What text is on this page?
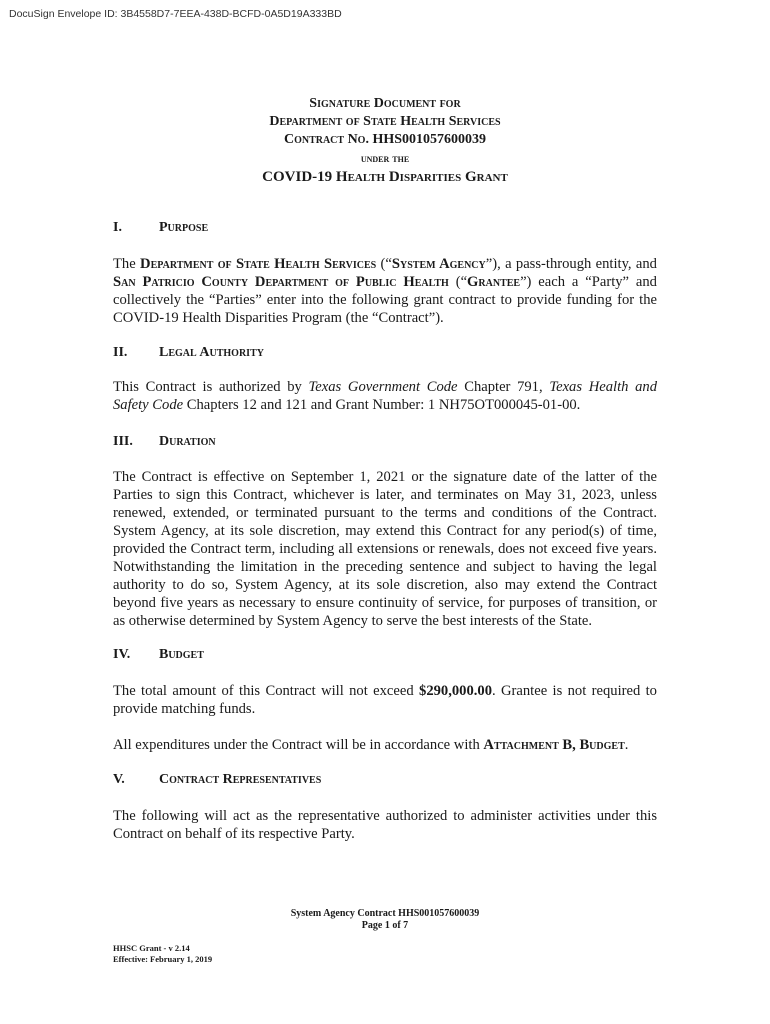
DocuSign Envelope ID: 3B4558D7-7EEA-438D-BCFD-0A5D19A333BD
Signature Document for
Department of State Health Services
Contract No. HHS001057600039
under the
COVID-19 Health Disparities Grant
I.	Purpose

The Department of State Health Services (“System Agency”), a pass-through entity, and San Patricio County Department of Public Health (“Grantee”) each a “Party” and collectively the “Parties” enter into the following grant contract to provide funding for the COVID-19 Health Disparities Program (the “Contract”).

II. Legal Authority

This Contract is authorized by Texas Government Code Chapter 791, Texas Health and Safety Code Chapters 12 and 121 and Grant Number: 1 NH75OT000045-01-00.

III. Duration

The Contract is effective on September 1, 2021 or the signature date of the latter of the Parties to sign this Contract, whichever is later, and terminates on May 31, 2023, unless renewed, extended, or terminated pursuant to the terms and conditions of the Contract. System Agency, at its sole discretion, may extend this Contract for any period(s) of time, provided the Contract term, including all extensions or renewals, does not exceed five years. Notwithstanding the limitation in the preceding sentence and subject to having the legal authority to do so, System Agency, at its sole discretion, also may extend the Contract beyond five years as necessary to ensure continuity of service, for purposes of transition, or as otherwise determined by System Agency to serve the best interests of the State.

IV. Budget

The total amount of this Contract will not exceed $290,000.00. Grantee is not required to provide matching funds.

All expenditures under the Contract will be in accordance with Attachment B, Budget.

V. Contract Representatives

The following will act as the representative authorized to administer activities under this Contract on behalf of its respective Party.

System Agency Contract HHS001057600039
Page 1 of 7
HHSC Grant - v 2.14
Effective: February 1, 2019
